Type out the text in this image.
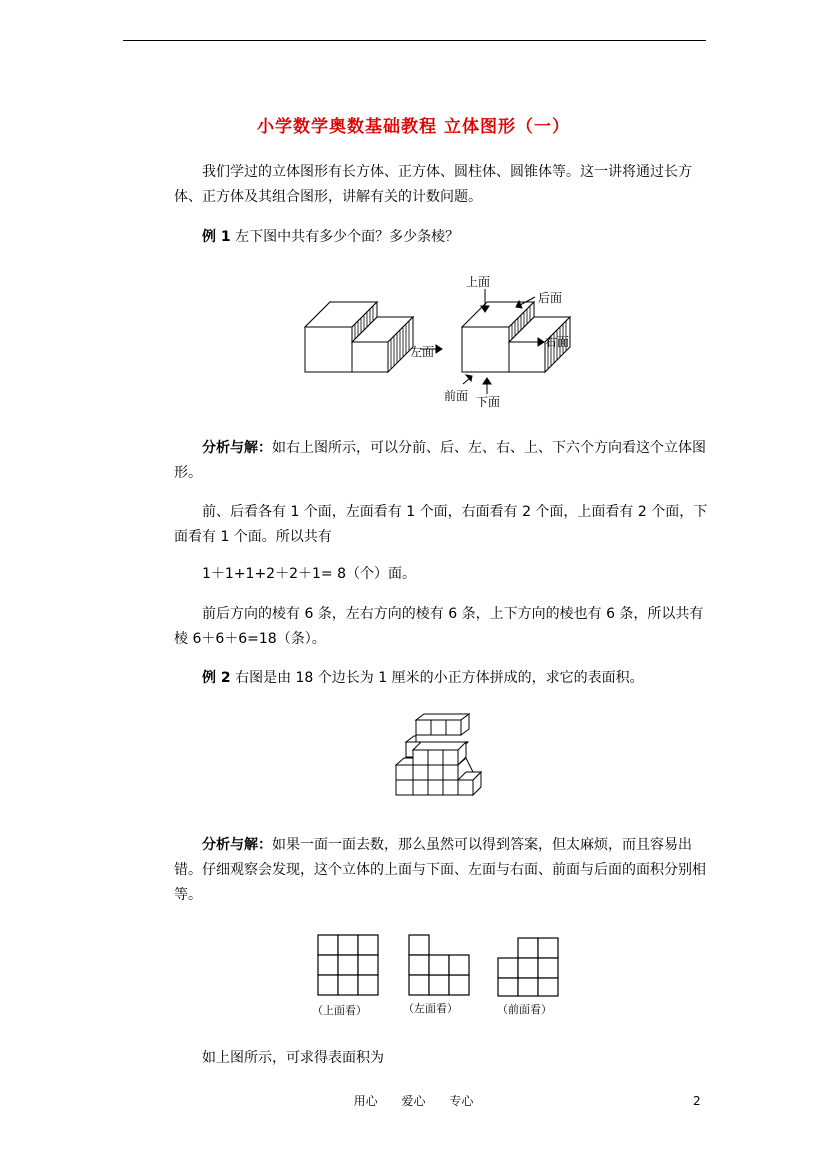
小学数学奥数基础教程 立体图形（一）
我们学过的立体图形有长方体、正方体、圆柱体、圆锥体等。这一讲将通过长方体、正方体及其组合图形，讲解有关的计数问题。
例 1 左下图中共有多少个面？多少条棱？
上面
后面
右面
左面
前面 下面
分析与解：如右上图所示，可以分前、后、左、右、上、下六个方向看这个立体图形。
前、后看各有 1 个面，左面看有 1 个面，右面看有 2 个面，上面看有 2 个面，下面看有 1 个面。所以共有
1＋1+1+2＋2＋1= 8（个）面。
前后方向的棱有 6 条，左右方向的棱有 6 条，上下方向的棱也有 6 条，所以共有棱 6＋6＋6=18（条）。
例 2 右图是由 18 个边长为 1 厘米的小正方体拼成的，求它的表面积。
分析与解：如果一面一面去数，那么虽然可以得到答案，但太麻烦，而且容易出错。仔细观察会发现，这个立体的上面与下面、左面与右面、前面与后面的面积分别相等。
（上面看）	（左面看）	（前面看）
如上图所示，可求得表面积为
用心 爱心 专心	2
